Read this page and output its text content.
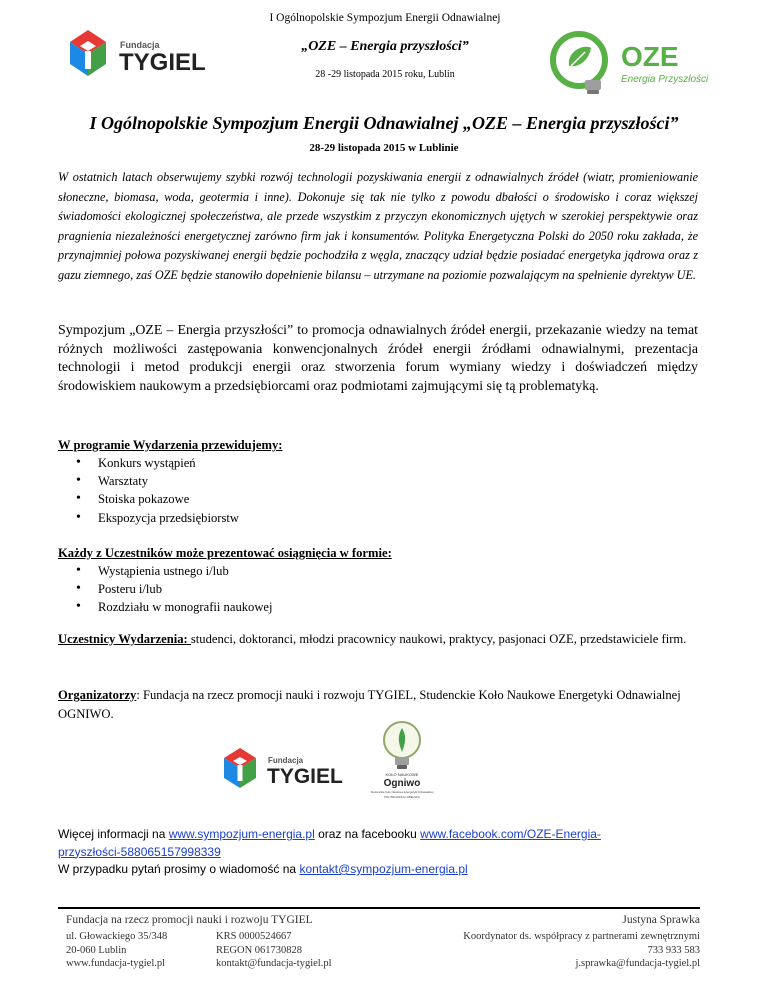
Fundacja
TYGIEL
I Ogólnopolskie Sympozjum Energii Odnawialnej
„OZE – Energia przyszłości”
28 -29 listopada 2015 roku, Lublin
OZE
Energia Przyszłości
I Ogólnopolskie Sympozjum Energii Odnawialnej „OZE – Energia przyszłości”
28-29 listopada 2015 w Lublinie
W ostatnich latach obserwujemy szybki rozwój technologii pozyskiwania energii z odnawialnych źródeł (wiatr, promieniowanie słoneczne, biomasa, woda, geotermia i inne). Dokonuje się tak nie tylko z powodu dbałości o środowisko i coraz większej świadomości ekologicznej społeczeństwa, ale przede wszystkim z przyczyn ekonomicznych ujętych w szerokiej perspektywie oraz pragnienia niezależności energetycznej zarówno firm jak i konsumentów. Polityka Energetyczna Polski do 2050 roku zakłada, że przynajmniej połowa pozyskiwanej energii będzie pochodziła z węgla, znaczący udział będzie posiadać energetyka jądrowa oraz z gazu ziemnego, zaś OZE będzie stanowiło dopełnienie bilansu – utrzymane na poziomie pozwalającym na spełnienie dyrektyw UE.
Sympozjum „OZE – Energia przyszłości” to promocja odnawialnych źródeł energii, przekazanie wiedzy na temat różnych możliwości zastępowania konwencjonalnych źródeł energii źródłami odnawialnymi, prezentacja technologii i metod produkcji energii oraz stworzenia forum wymiany wiedzy i doświadczeń między środowiskiem naukowym a przedsiębiorcami oraz podmiotami zajmującymi się tą problematyką.
W programie Wydarzenia przewidujemy:
• Konkurs wystąpień
• Warsztaty
• Stoiska pokazowe
• Ekspozycja przedsiębiorstw
Każdy z Uczestników może prezentować osiągnięcia w formie:
• Wystąpienia ustnego i/lub
• Posteru i/lub
• Rozdziału w monografii naukowej
Uczestnicy Wydarzenia: studenci, doktoranci, młodzi pracownicy naukowi, praktycy, pasjonaci OZE, przedstawiciele firm.
Organizatorzy: Fundacja na rzecz promocji nauki i rozwoju TYGIEL, Studenckie Koło Naukowe Energetyki Odnawialnej OGNIWO.
Fundacja
TYGIEL	KOŁO NAUKOWE
Ogniwo
Studenckie Koło Naukowe Energetyki Odnawialnej
POLITECHNIKA LUBELSKA
Więcej informacji na www.sympozjum-energia.pl oraz na facebooku www.facebook.com/OZE-Energia-
przyszłości-588065157998339
W przypadku pytań prosimy o wiadomość na kontakt@sympozjum-energia.pl
Fundacja na rzecz promocji nauki i rozwoju TYGIEL
ul. Głowackiego 35/348
20-060 Lublin
www.fundacja-tygiel.pl
KRS 0000524667
REGON 061730828
kontakt@fundacja-tygiel.pl
Justyna Sprawka
Koordynator ds. współpracy z partnerami zewnętrznymi
733 933 583
j.sprawka@fundacja-tygiel.pl
